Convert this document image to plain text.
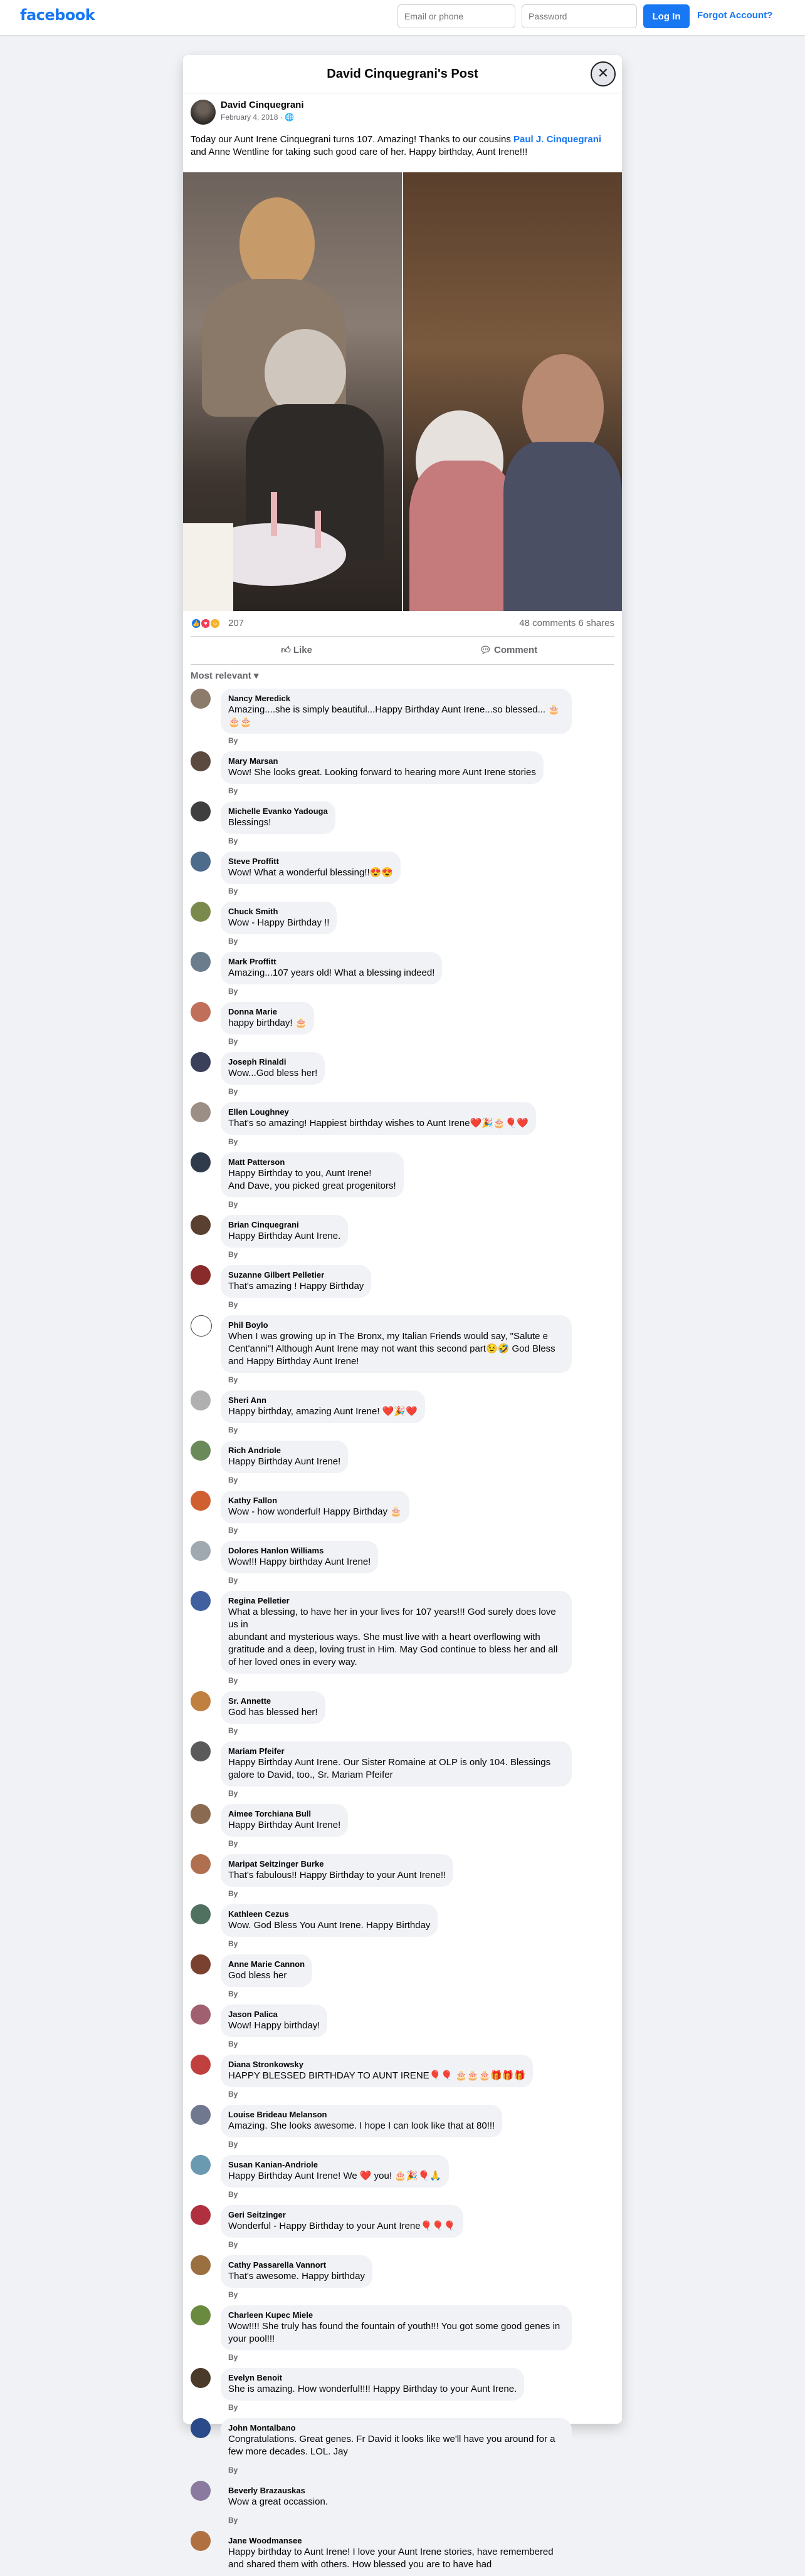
facebook
Email or phone	Log In	Forgot Account?
David Cinquegrani's Post	✕
David Cinquegrani
February 4, 2018 · 🌐
Today our Aunt Irene Cinquegrani turns 107. Amazing! Thanks to our cousins Paul J. Cinquegrani and Anne Wentline for taking such good care of her. Happy birthday, Aunt Irene!!!
👍 ♥ ☺ 207	48 comments 6 shares
👍︎ Like	💬︎ Comment
Most relevant ▾
Nancy Meredick
Amazing....she is simply beautiful...Happy Birthday Aunt Irene...so blessed... 🎂🎂🎂
By
Mary Marsan
Wow! She looks great. Looking forward to hearing more Aunt Irene stories
By
Michelle Evanko Yadouga
Blessings!
By
Steve Proffitt
Wow! What a wonderful blessing!!😍😍
By
Chuck Smith
Wow - Happy Birthday !!
By
Mark Proffitt
Amazing...107 years old! What a blessing indeed!
By
Donna Marie
happy birthday! 🎂
By
Joseph Rinaldi
Wow...God bless her!
By
Ellen Loughney
That's so amazing! Happiest birthday wishes to Aunt Irene❤️🎉🎂🎈❤️
By
Matt Patterson
Happy Birthday to you, Aunt Irene!
And Dave, you picked great progenitors!
By
Brian Cinquegrani
Happy Birthday Aunt Irene.
By
Suzanne Gilbert Pelletier
That's amazing ! Happy Birthday
By
Phil Boylo
When I was growing up in The Bronx, my Italian Friends would say, "Salute e Cent'anni"! Although Aunt Irene may not want this second part😉🤣 God Bless and Happy Birthday Aunt Irene!
By
Sheri Ann
Happy birthday, amazing Aunt Irene! ❤️🎉❤️
By
Rich Andriole
Happy Birthday Aunt Irene!
By
Kathy Fallon
Wow - how wonderful! Happy Birthday 🎂
By
Dolores Hanlon Williams
Wow!!! Happy birthday Aunt Irene!
By
Regina Pelletier
What a blessing, to have her in your lives for 107 years!!! God surely does love us in
abundant and mysterious ways. She must live with a heart overflowing with gratitude and a deep, loving trust in Him. May God continue to bless her and all of her loved ones in every way.
By
Sr. Annette
God has blessed her!
By
Mariam Pfeifer
Happy Birthday Aunt Irene. Our Sister Romaine at OLP is only 104. Blessings galore to David, too., Sr. Mariam Pfeifer
By
Aimee Torchiana Bull
Happy Birthday Aunt Irene!
By
Maripat Seitzinger Burke
That's fabulous!! Happy Birthday to your Aunt Irene!!
By
Kathleen Cezus
Wow. God Bless You Aunt Irene. Happy Birthday
By
Anne Marie Cannon
God bless her
By
Jason Palica
Wow! Happy birthday!
By
Diana Stronkowsky
HAPPY BLESSED BIRTHDAY TO AUNT IRENE🎈🎈 🎂🎂🎂🎁🎁🎁
By
Louise Brideau Melanson
Amazing. She looks awesome. I hope I can look like that at 80!!!
By
Susan Kanian-Andriole
Happy Birthday Aunt Irene! We ❤️ you! 🎂🎉🎈🙏
By
Geri Seitzinger
Wonderful - Happy Birthday to your Aunt Irene🎈🎈🎈
By
Cathy Passarella Vannort
That's awesome. Happy birthday
By
Charleen Kupec Miele
Wow!!!! She truly has found the fountain of youth!!! You got some good genes in your pool!!!
By
Evelyn Benoit
She is amazing. How wonderful!!!! Happy Birthday to your Aunt Irene.
By
John Montalbano
Congratulations. Great genes. Fr David it looks like we'll have you around for a few more decades. LOL. Jay
By
Beverly Brazauskas
Wow a great occassion.
By
Jane Woodmansee
Happy birthday to Aunt Irene! I love your Aunt Irene stories, have remembered and shared them with others. How blessed you are to have had
